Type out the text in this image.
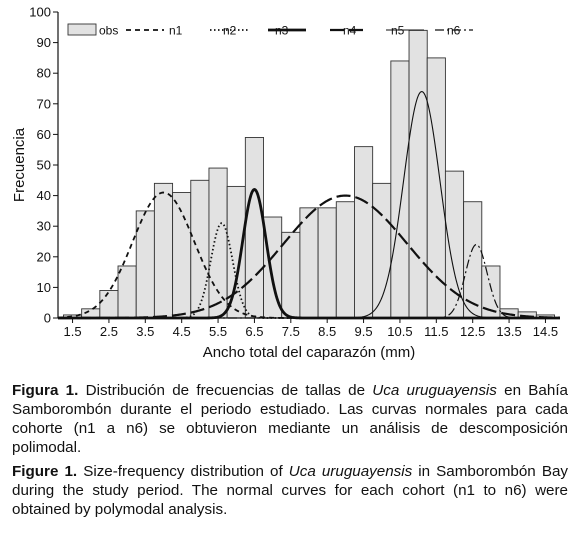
0
10
20
30
40
50
60
70
80
90
100
1.5 2.5 3.5 4.5 5.5 6.5 7.5 8.5 9.5 10.5 11.5 12.5 13.5 14.5
Ancho total del caparazón (mm)
Frecuencia
obs	n1	n2	n3	n4	n5	n6
Figura 1. Distribución de frecuencias de tallas de Uca uruguayensis en Bahía Samborombón durante el periodo estudiado. Las curvas normales para cada cohorte (n1 a n6) se obtuvieron mediante un análisis de descomposición polimodal.
Figure 1. Size-frequency distribution of Uca uruguayensis in Samborombón Bay during the study period. The normal curves for each cohort (n1 to n6) were obtained by polymodal analysis.
